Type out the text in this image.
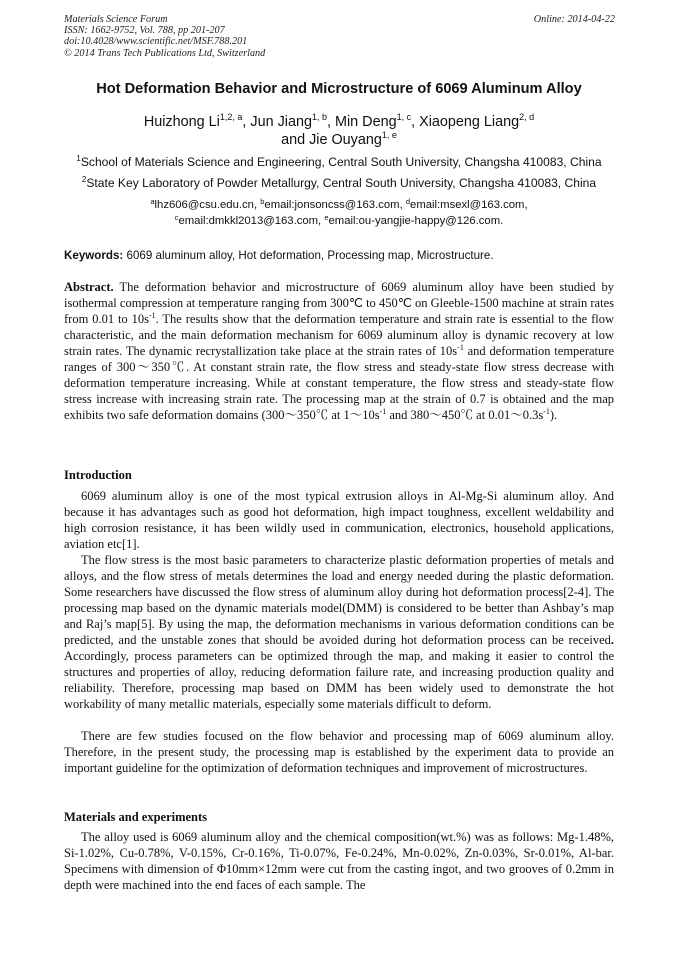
Materials Science Forum
ISSN: 1662-9752, Vol. 788, pp 201-207
doi:10.4028/www.scientific.net/MSF.788.201
© 2014 Trans Tech Publications Ltd, Switzerland
Online: 2014-04-22
Hot Deformation Behavior and Microstructure of 6069 Aluminum Alloy
Huizhong Li$^{1,2, a}$, Jun Jiang$^{1, b}$, Min Deng$^{1, c}$, Xiaopeng Liang$^{2, d}$
and Jie Ouyang$^{1, e}$
$^1$School of Materials Science and Engineering, Central South University, Changsha 410083, China
$^2$State Key Laboratory of Powder Metallurgy, Central South University, Changsha 410083, China
$^a$lhz606@csu.edu.cn, $^b$email:jonsoncss@163.com, $^d$email:msexl@163.com,
$^c$email:dmkkl2013@163.com, $^e$email:ou-yangjie-happy@126.com.
Keywords: 6069 aluminum alloy, Hot deformation, Processing map, Microstructure.
Abstract. The deformation behavior and microstructure of 6069 aluminum alloy have been studied by isothermal compression at temperature ranging from 300℃ to 450℃ on Gleeble-1500 machine at strain rates from 0.01 to $10s^{-1}$. The results show that the deformation temperature and strain rate is essential to the flow characteristic, and the main deformation mechanism for 6069 aluminum alloy is dynamic recovery at low strain rates. The dynamic recrystallization take place at the strain rates of $10s^{-1}$ and deformation temperature ranges of 300～350℃. At constant strain rate, the flow stress and steady-state flow stress decrease with deformation temperature increasing. While at constant temperature, the flow stress and steady-state flow stress increase with increasing strain rate. The processing map at the strain of 0.7 is obtained and the map exhibits two safe deformation domains (300～350℃ at $1\sim 10s^{-1}$ and 380～450℃ at $0.01\sim 0.3s^{-1}$).
Introduction
6069 aluminum alloy is one of the most typical extrusion alloys in Al-Mg-Si aluminum alloy. And because it has advantages such as good hot deformation, high impact toughness, excellent weldability and high corrosion resistance, it has been wildly used in communication, electronics, household applications, aviation etc[1].
The flow stress is the most basic parameters to characterize plastic deformation properties of metals and alloys, and the flow stress of metals determines the load and energy needed during the plastic deformation. Some researchers have discussed the flow stress of aluminum alloy during hot deformation process[2-4]. The processing map based on the dynamic materials model(DMM) is considered to be better than Ashbay’s map and Raj’s map[5]. By using the map, the deformation mechanisms in various deformation conditions can be predicted, and the unstable zones that should be avoided during hot deformation process can be received. Accordingly, process parameters can be optimized through the map, and making it easier to control the structures and properties of alloy, reducing deformation failure rate, and increasing production quality and reliability. Therefore, processing map based on DMM has been widely used to demonstrate the hot workability of many metallic materials, especially some materials difficult to deform.
There are few studies focused on the flow behavior and processing map of 6069 aluminum alloy. Therefore, in the present study, the processing map is established by the experiment data to provide an important guideline for the optimization of deformation techniques and improvement of microstructures.
Materials and experiments
The alloy used is 6069 aluminum alloy and the chemical composition(wt.%) was as follows: Mg-1.48%, Si-1.02%, Cu-0.78%, V-0.15%, Cr-0.16%, Ti-0.07%, Fe-0.24%, Mn-0.02%, Zn-0.03%, Sr-0.01%, Al-bar. Specimens with dimension of Φ10mm×12mm were cut from the casting ingot, and two grooves of 0.2mm in depth were machined into the end faces of each sample. The
